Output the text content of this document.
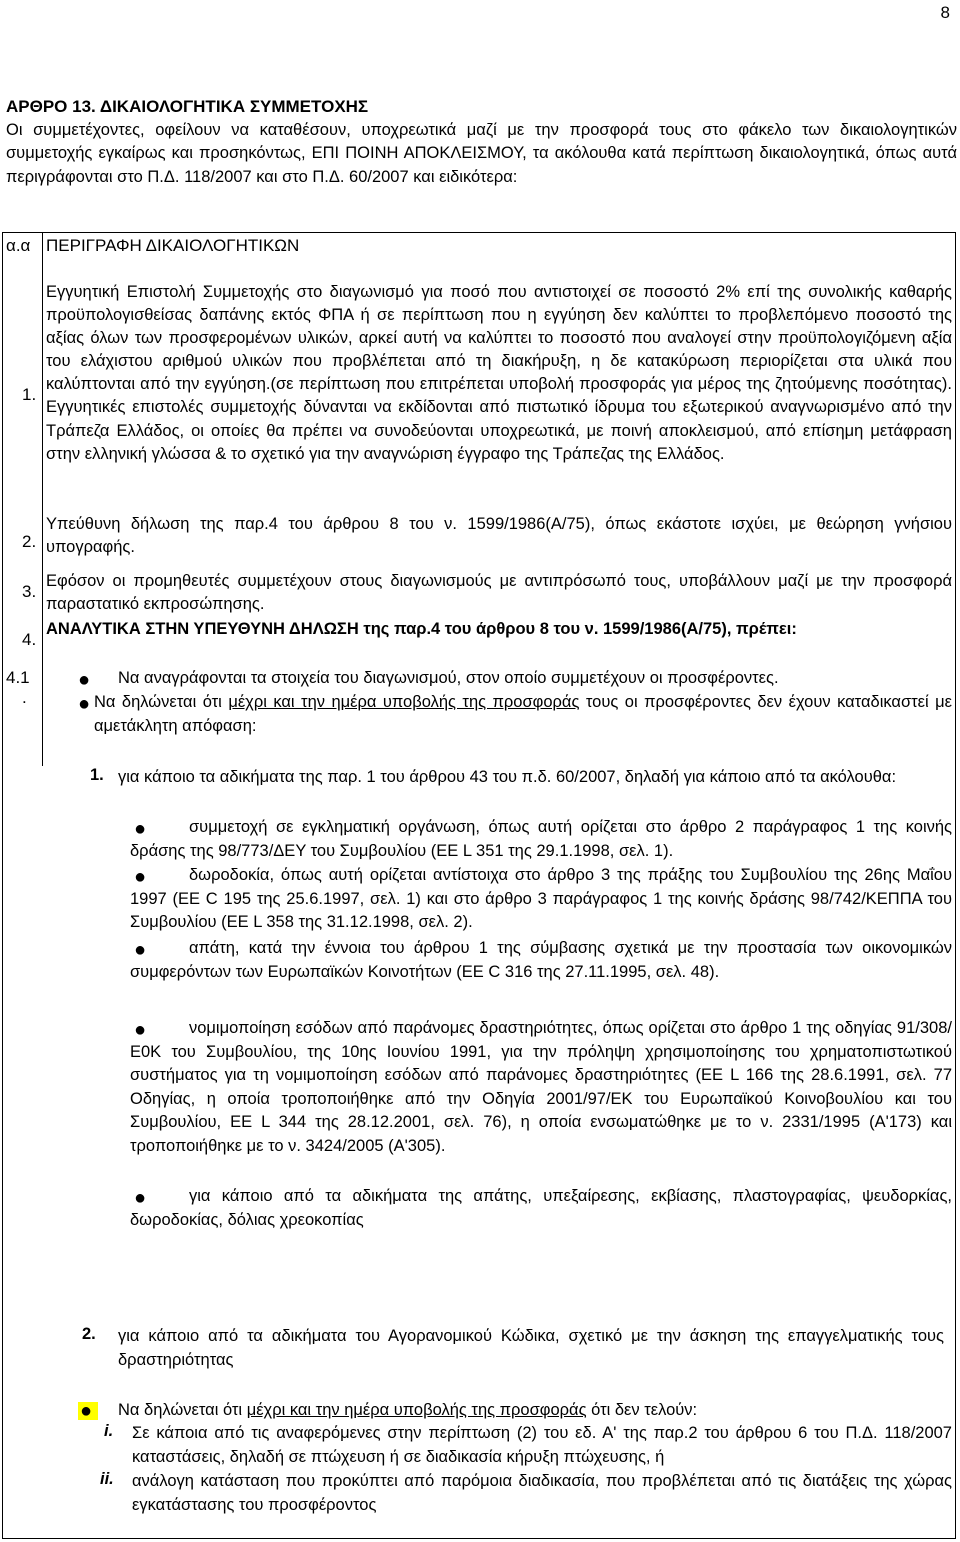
8
ΑΡΘΡΟ 13. ΔΙΚΑΙΟΛΟΓΗΤΙΚΑ ΣΥΜΜΕΤΟΧΗΣ
Οι συμμετέχοντες, οφείλουν να καταθέσουν, υποχρεωτικά μαζί με την προσφορά τους στο φάκελο των δικαιολογητικών συμμετοχής εγκαίρως και προσηκόντως, ΕΠΙ ΠΟΙΝΗ ΑΠΟΚΛΕΙΣΜΟΥ, τα ακόλουθα κατά περίπτωση δικαιολογητικά, όπως αυτά περιγράφονται στο Π.Δ. 118/2007 και στο Π.Δ. 60/2007 και ειδικότερα:
α.α ΠΕΡΙΓΡΑΦΗ ΔΙΚΑΙΟΛΟΓΗΤΙΚΩΝ
1.
Εγγυητική Επιστολή Συμμετοχής στο διαγωνισμό για ποσό που αντιστοιχεί σε ποσοστό 2% επί της συνολικής καθαρής προϋπολογισθείσας δαπάνης εκτός ΦΠΑ ή σε περίπτωση που η εγγύηση δεν καλύπτει το προβλεπόμενο ποσοστό της αξίας όλων των προσφερομένων υλικών, αρκεί αυτή να καλύπτει το ποσοστό που αναλογεί στην προϋπολογιζόμενη αξία του ελάχιστου αριθμού υλικών που προβλέπεται από τη διακήρυξη, η δε κατακύρωση περιορίζεται στα υλικά που καλύπτονται από την εγγύηση.(σε περίπτωση που επιτρέπεται υποβολή προσφοράς για μέρος της ζητούμενης ποσότητας). Εγγυητικές επιστολές συμμετοχής δύνανται να εκδίδονται από πιστωτικό ίδρυμα του εξωτερικού αναγνωρισμένο από την Τράπεζα Ελλάδος, οι οποίες θα πρέπει να συνοδεύονται υποχρεωτικά, με ποινή αποκλεισμού, από επίσημη μετάφραση στην ελληνική γλώσσα & το σχετικό για την αναγνώριση έγγραφο της Τράπεζας της Ελλάδος.
2.
Υπεύθυνη δήλωση της παρ.4 του άρθρου 8 του ν. 1599/1986(Α/75), όπως εκάστοτε ισχύει, με θεώρηση γνήσιου υπογραφής.
3.
Εφόσον οι προμηθευτές συμμετέχουν στους διαγωνισμούς με αντιπρόσωπό τους, υποβάλλουν μαζί με την προσφορά παραστατικό εκπροσώπησης.
4.
ΑΝΑΛΥΤΙΚΑ ΣΤΗΝ ΥΠΕΥΘΥΝΗ ΔΗΛΩΣΗ της παρ.4 του άρθρου 8 του ν. 1599/1986(Α/75), πρέπει:
4.1
.
● Να αναγράφονται τα στοιχεία του διαγωνισμού, στον οποίο συμμετέχουν οι προσφέροντες.
● Να δηλώνεται ότι μέχρι και την ημέρα υποβολής της προσφοράς τους οι προσφέροντες δεν έχουν καταδικαστεί με αμετάκλητη απόφαση:
1. για κάποιο τα αδικήματα της παρ. 1 του άρθρου 43 του π.δ. 60/2007, δηλαδή για κάποιο από τα ακόλουθα:
●	συμμετοχή σε εγκληματική οργάνωση, όπως αυτή ορίζεται στο άρθρο 2 παράγραφος 1 της κοινής δράσης της 98/773/ΔΕΥ του Συμβουλίου (ΕΕ L 351 της 29.1.1998, σελ. 1).
●	δωροδοκία, όπως αυτή ορίζεται αντίστοιχα στο άρθρο 3 της πράξης του Συμβουλίου της 26ης Μαΐου 1997 (ΕΕ C 195 της 25.6.1997, σελ. 1) και στο άρθρο 3 παράγραφος 1 της κοινής δράσης 98/742/ΚΕΠΠΑ του Συμβουλίου (ΕΕ L 358 της 31.12.1998, σελ. 2).
●	απάτη, κατά την έννοια του άρθρου 1 της σύμβασης σχετικά με την προστασία των οικονομικών συμφερόντων των Ευρωπαϊκών Κοινοτήτων (ΕΕ C 316 της 27.11.1995, σελ. 48).
●	νομιμοποίηση εσόδων από παράνομες δραστηριότητες, όπως ορίζεται στο άρθρο 1 της οδηγίας 91/308/Ε0Κ του Συμβουλίου, της 10ης Ιουνίου 1991, για την πρόληψη χρησιμοποίησης του χρηματοπιστωτικού συστήματος για τη νομιμοποίηση εσόδων από παράνομες δραστηριότητες (ΕΕ L 166 της 28.6.1991, σελ. 77 Οδηγίας, η οποία τροποποιήθηκε από την Οδηγία 2001/97/ΕΚ του Ευρωπαϊκού Κοινοβουλίου και του Συμβουλίου, ΕΕ L 344 της 28.12.2001, σελ. 76), η οποία ενσωματώθηκε με το ν. 2331/1995 (Α'173) και τροποποιήθηκε με το ν. 3424/2005 (Α'305).
●	για κάποιο από τα αδικήματα της απάτης, υπεξαίρεσης, εκβίασης, πλαστογραφίας, ψευδορκίας, δωροδοκίας, δόλιας χρεοκοπίας
2. για κάποιο από τα αδικήματα του Αγορανομικού Κώδικα, σχετικό με την άσκηση της επαγγελματικής τους δραστηριότητας
● Να δηλώνεται ότι μέχρι και την ημέρα υποβολής της προσφοράς ότι δεν τελούν:
i. Σε κάποια από τις αναφερόμενες στην περίπτωση (2) του εδ. Α' της παρ.2 του άρθρου 6 του Π.Δ. 118/2007 καταστάσεις, δηλαδή σε πτώχευση ή σε διαδικασία κήρυξη πτώχευσης, ή
ii. ανάλογη κατάσταση που προκύπτει από παρόμοια διαδικασία, που προβλέπεται από τις διατάξεις της χώρας εγκατάστασης του προσφέροντος
